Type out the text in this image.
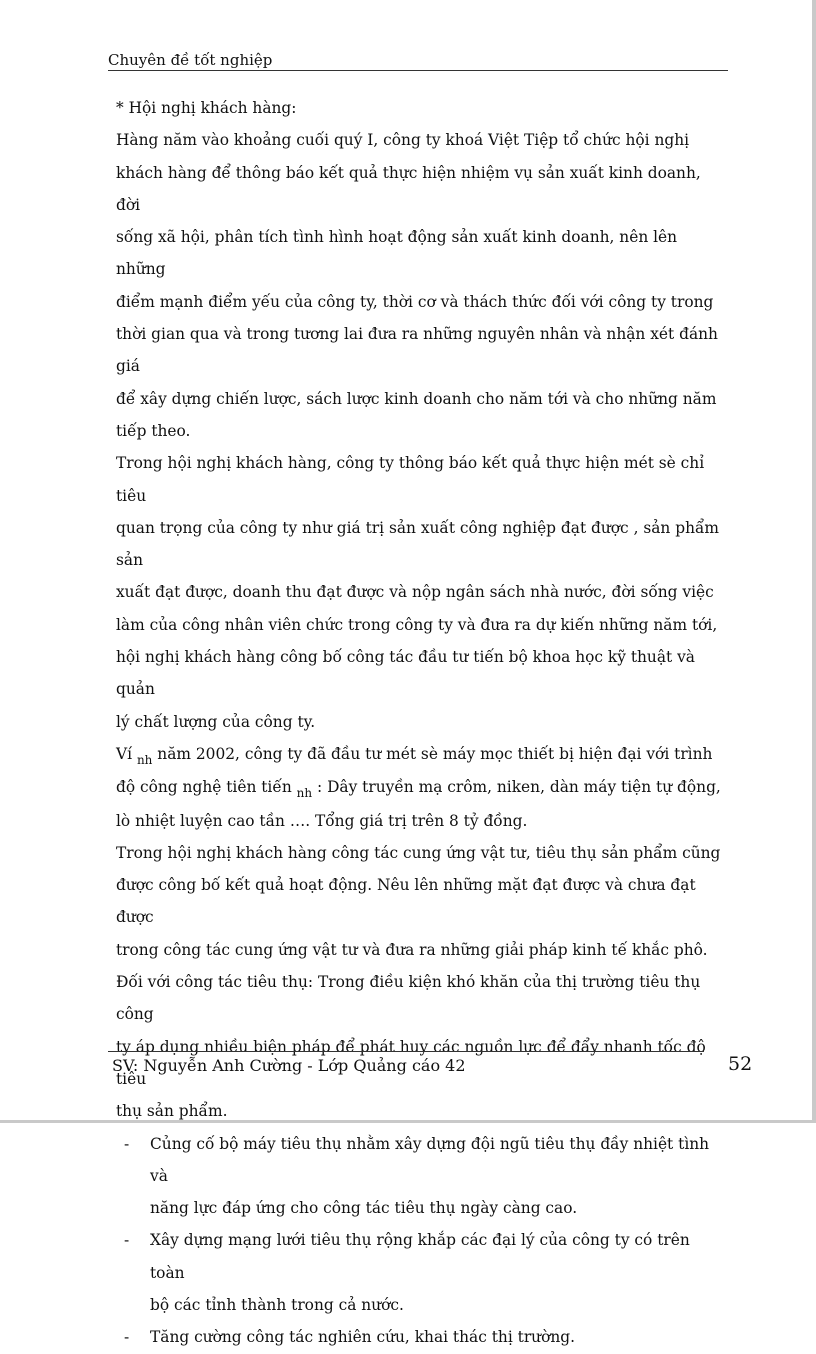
Chuyên đề tốt nghiệp

* Hội nghị khách hàng:

Hàng năm vào khoảng cuối quý I, công ty khoá Việt Tiệp tổ chức hội nghị
khách hàng để thông báo kết quả thực hiện nhiệm vụ sản xuất kinh doanh, đời
sống xã hội, phân tích tình hình hoạt động sản xuất kinh doanh, nên lên những
điểm mạnh điểm yếu của công ty, thời cơ và thách thức đối với công ty trong
thời gian qua và trong tương lai đưa ra những nguyên nhân và nhận xét đánh giá
để xây dựng chiến lược, sách lược kinh doanh cho năm tới và cho những năm
tiếp theo.

Trong hội nghị khách hàng, công ty thông báo kết quả thực hiện mét sè chỉ tiêu
quan trọng của công ty như giá trị sản xuất công nghiệp đạt được , sản phẩm sản
xuất đạt được, doanh thu đạt được và nộp ngân sách nhà nước, đời sống việc
làm của công nhân viên chức trong công ty và đưa ra dự kiến những năm tới,
hội nghị khách hàng công bố công tác đầu tư tiến bộ khoa học kỹ thuật và quản
lý chất lượng của công ty.

Ví $_{nh}$ năm 2002, công ty đã đầu tư mét sè máy mọc thiết bị hiện đại với trình
độ công nghệ tiên tiến $_{nh}$ : Dây truyền mạ crôm, niken, dàn máy tiện tự động,
lò nhiệt luyện cao tần …. Tổng giá trị trên 8 tỷ đồng.

Trong hội nghị khách hàng công tác cung ứng vật tư, tiêu thụ sản phẩm cũng
được công bố kết quả hoạt động. Nêu lên những mặt đạt được và chưa đạt được
trong công tác cung ứng vật tư và đưa ra những giải pháp kinh tế khắc phô.

Đối với công tác tiêu thụ: Trong điều kiện khó khăn của thị trường tiêu thụ công
ty áp dụng nhiều biện pháp để phát huy các nguồn lực để đẩy nhanh tốc độ tiêu
thụ sản phẩm.

- Củng cố bộ máy tiêu thụ nhằm xây dựng đội ngũ tiêu thụ đầy nhiệt tình và
năng lực đáp ứng cho công tác tiêu thụ ngày càng cao.
- Xây dựng mạng lưới tiêu thụ rộng khắp các đại lý của công ty có trên toàn
bộ các tỉnh thành trong cả nước.
- Tăng cường công tác nghiên cứu, khai thác thị trường.
SV: Nguyễn Anh Cường - Lớp Quảng cáo 42	52
